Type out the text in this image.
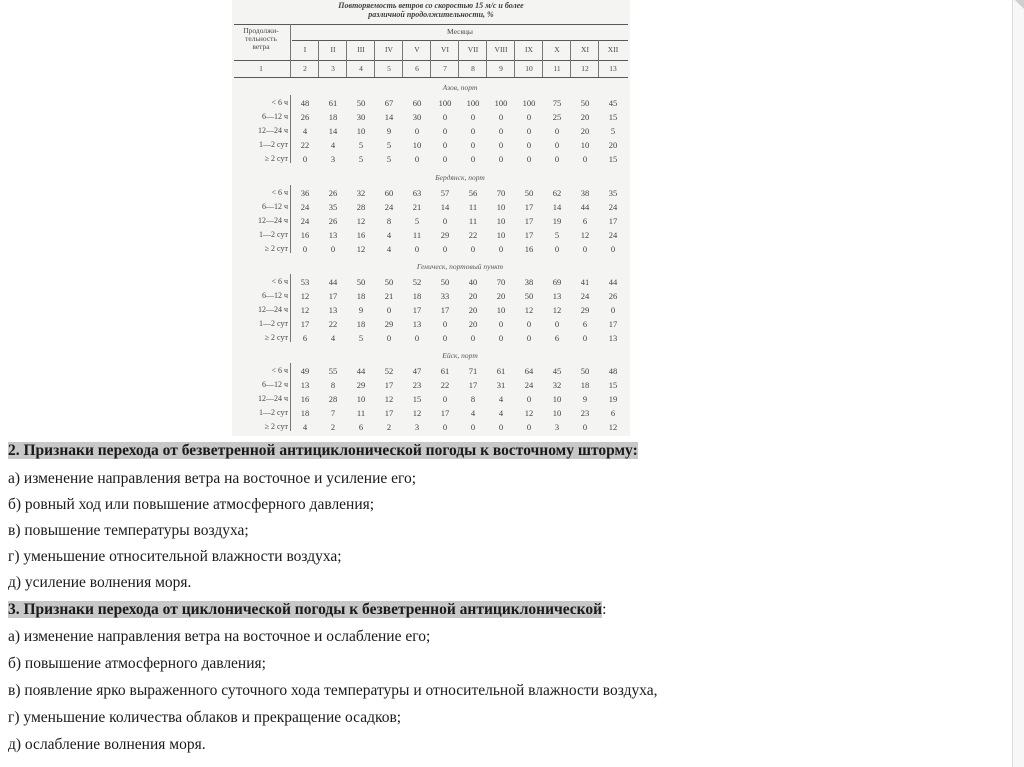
Повторяемость ветров со скоростью 15 м/с и более
различной продолжительности, %
Продолжи-
тельность
ветра
Месяцы
I	II	III	IV	V	VI	VII	VIII	IX	X	XI	XII
1	2	3	4	5	6	7	8	9	10	11	12	13
Азов, порт
< 6 ч	48	61	50	67	60	100	100	100	100	75	50	45
6—12 ч	26	18	30	14	30	0	0	0	0	25	20	15
12—24 ч	4	14	10	9	0	0	0	0	0	0	20	5
1—2 сут	22	4	5	5	10	0	0	0	0	0	10	20
≥ 2 сут	0	3	5	5	0	0	0	0	0	0	0	15
Бердянск, порт
< 6 ч	36	26	32	60	63	57	56	70	50	62	38	35
6—12 ч	24	35	28	24	21	14	11	10	17	14	44	24
12—24 ч	24	26	12	8	5	0	11	10	17	19	6	17
1—2 сут	16	13	16	4	11	29	22	10	17	5	12	24
≥ 2 сут	0	0	12	4	0	0	0	0	16	0	0	0
Геническ, портовый пункт
< 6 ч	53	44	50	50	52	50	40	70	38	69	41	44
6—12 ч	12	17	18	21	18	33	20	20	50	13	24	26
12—24 ч	12	13	9	0	17	17	20	10	12	12	29	0
1—2 сут	17	22	18	29	13	0	20	0	0	0	6	17
≥ 2 сут	6	4	5	0	0	0	0	0	0	6	0	13
Ейск, порт
< 6 ч	49	55	44	52	47	61	71	61	64	45	50	48
6—12 ч	13	8	29	17	23	22	17	31	24	32	18	15
12—24 ч	16	28	10	12	15	0	8	4	0	10	9	19
1—2 сут	18	7	11	17	12	17	4	4	12	10	23	6
≥ 2 сут	4	2	6	2	3	0	0	0	0	3	0	12
2. Признаки перехода от безветренной антициклонической погоды к восточному шторму:
а) изменение направления ветра на восточное и усиление его;
б) ровный ход или повышение атмосферного давления;
в) повышение температуры воздуха;
г) уменьшение относительной влажности воздуха;
д) усиление волнения моря.
3. Признаки перехода от циклонической погоды к безветренной антициклонической:
а) изменение направления ветра на восточное и ослабление его;
б) повышение атмосферного давления;
в) появление ярко выраженного суточного хода температуры и относительной влажности воздуха,
г) уменьшение количества облаков и прекращение осадков;
д) ослабление волнения моря.
